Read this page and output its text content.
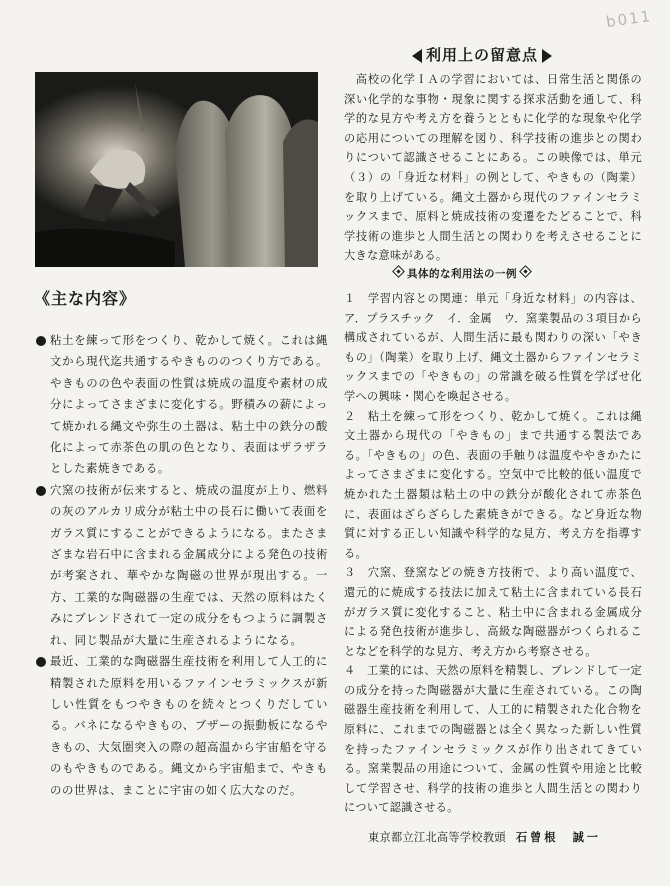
b011
《主な内容》

粘土を練って形をつくり、乾かして焼く。これは縄文から現代迄共通するやきもののつくり方である。やきものの色や表面の性質は焼成の温度や素材の成分によってさまざまに変化する。野積みの薪によって焼かれる縄文や弥生の土器は、粘土中の鉄分の酸化によって赤茶色の肌の色となり、表面はザラザラとした素焼きである。

穴窯の技術が伝来すると、焼成の温度が上り、燃料の灰のアルカリ成分が粘土中の長石に働いて表面をガラス質にすることができるようになる。またさまざまな岩石中に含まれる金属成分による発色の技術が考案され、華やかな陶磁の世界が現出する。一方、工業的な陶磁器の生産では、天然の原料はたくみにブレンドされて一定の成分をもつように調製され、同じ製品が大量に生産されるようになる。

最近、工業的な陶磁器生産技術を利用して人工的に精製された原料を用いるファインセラミックスが新しい性質をもつやきものを続々とつくりだしている。バネになるやきもの、ブザーの振動板になるやきもの、大気圏突入の際の超高温から宇宙船を守るのもやきものである。縄文から宇宙船まで、やきものの世界は、まことに宇宙の如く広大なのだ。

利用上の留意点

　高校の化学ＩＡの学習においては、日常生活と関係の深い化学的な事物・現象に関する探求活動を通して、科学的な見方や考え方を養うとともに化学的な現象や化学の応用についての理解を図り、科学技術の進歩との関わりについて認識させることにある。この映像では、単元（３）の「身近な材料」の例として、やきもの（陶業）を取り上げている。縄文土器から現代のファインセラミックスまで、原料と焼成技術の変遷をたどることで、科学技術の進歩と人間生活との関わりを考えさせることに大きな意味がある。

具体的な利用法の一例

１　学習内容との関連：単元「身近な材料」の内容は、ア．プラスチック　イ．金属　ウ．窯業製品の３項目から構成されているが、人間生活に最も関わりの深い「やきもの」（陶業）を取り上げ、縄文土器からファインセラミックスまでの「やきもの」の常識を破る性質を学ばせ化学への興味・関心を喚起させる。

２　粘土を練って形をつくり、乾かして焼く。これは縄文土器から現代の「やきもの」まで共通する製法である。「やきもの」の色、表面の手触りは温度ややきかたによってさまざまに変化する。空気中で比較的低い温度で焼かれた土器類は粘土の中の鉄分が酸化されて赤茶色に、表面はざらざらした素焼きができる。など身近な物質に対する正しい知識や科学的な見方、考え方を指導する。

３　穴窯、登窯などの焼き方技術で、より高い温度で、還元的に焼成する技法に加えて粘土に含まれている長石がガラス質に変化すること、粘土中に含まれる金属成分による発色技術が進歩し、高級な陶磁器がつくられることなどを科学的な見方、考え方から考察させる。

４　工業的には、天然の原料を精製し、ブレンドして一定の成分を持った陶磁器が大量に生産されている。この陶磁器生産技術を利用して、人工的に精製された化合物を原料に、これまでの陶磁器とは全く異なった新しい性質を持ったファインセラミックスが作り出されてきている。窯業製品の用途について、金属の性質や用途と比較して学習させ、科学的技術の進歩と人間生活との関わりについて認識させる。

東京都立江北高等学校教頭 石曾根　誠一
